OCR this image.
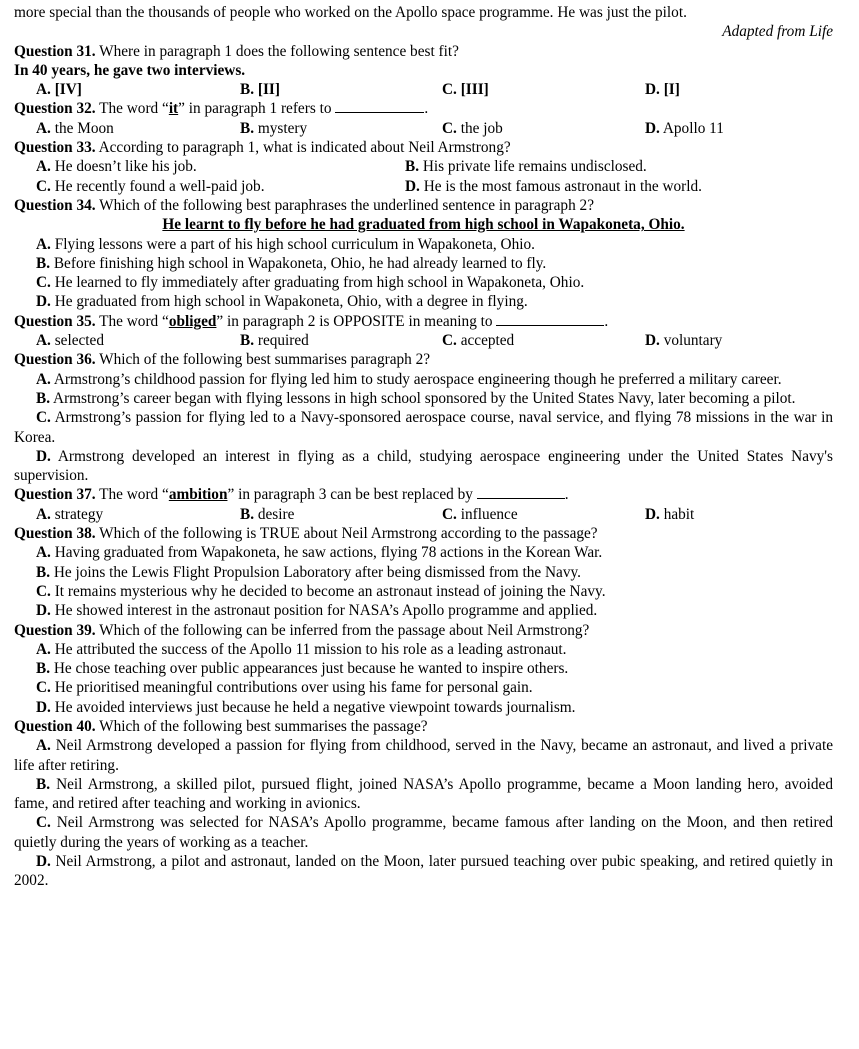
more special than the thousands of people who worked on the Apollo space programme. He was just the pilot.
Adapted from Life
Question 31. Where in paragraph 1 does the following sentence best fit?
In 40 years, he gave two interviews.
A. [IV]	B. [II]	C. [III]	D. [I]
Question 32. The word “it” in paragraph 1 refers to	.
A. the Moon	B. mystery	C. the job	D. Apollo 11
Question 33. According to paragraph 1, what is indicated about Neil Armstrong?
A. He doesn’t like his job.	B. His private life remains undisclosed.
C. He recently found a well-paid job.	D. He is the most famous astronaut in the world.
Question 34. Which of the following best paraphrases the underlined sentence in paragraph 2?
He learnt to fly before he had graduated from high school in Wapakoneta, Ohio.
A. Flying lessons were a part of his high school curriculum in Wapakoneta, Ohio.
B. Before finishing high school in Wapakoneta, Ohio, he had already learned to fly.
C. He learned to fly immediately after graduating from high school in Wapakoneta, Ohio.
D. He graduated from high school in Wapakoneta, Ohio, with a degree in flying.
Question 35. The word “obliged” in paragraph 2 is OPPOSITE in meaning to	.
A. selected	B. required	C. accepted	D. voluntary
Question 36. Which of the following best summarises paragraph 2?
A. Armstrong’s childhood passion for flying led him to study aerospace engineering though he preferred a military career.
B. Armstrong’s career began with flying lessons in high school sponsored by the United States Navy, later becoming a pilot.
C. Armstrong’s passion for flying led to a Navy-sponsored aerospace course, naval service, and flying 78 missions in the war in Korea.
D. Armstrong developed an interest in flying as a child, studying aerospace engineering under the United States Navy's supervision.
Question 37. The word “ambition” in paragraph 3 can be best replaced by	.
A. strategy	B. desire	C. influence	D. habit
Question 38. Which of the following is TRUE about Neil Armstrong according to the passage?
A. Having graduated from Wapakoneta, he saw actions, flying 78 actions in the Korean War.
B. He joins the Lewis Flight Propulsion Laboratory after being dismissed from the Navy.
C. It remains mysterious why he decided to become an astronaut instead of joining the Navy.
D. He showed interest in the astronaut position for NASA’s Apollo programme and applied.
Question 39. Which of the following can be inferred from the passage about Neil Armstrong?
A. He attributed the success of the Apollo 11 mission to his role as a leading astronaut.
B. He chose teaching over public appearances just because he wanted to inspire others.
C. He prioritised meaningful contributions over using his fame for personal gain.
D. He avoided interviews just because he held a negative viewpoint towards journalism.
Question 40. Which of the following best summarises the passage?
A. Neil Armstrong developed a passion for flying from childhood, served in the Navy, became an astronaut, and lived a private life after retiring.
B. Neil Armstrong, a skilled pilot, pursued flight, joined NASA’s Apollo programme, became a Moon landing hero, avoided fame, and retired after teaching and working in avionics.
C. Neil Armstrong was selected for NASA’s Apollo programme, became famous after landing on the Moon, and then retired quietly during the years of working as a teacher.
D. Neil Armstrong, a pilot and astronaut, landed on the Moon, later pursued teaching over pubic speaking, and retired quietly in 2002.
